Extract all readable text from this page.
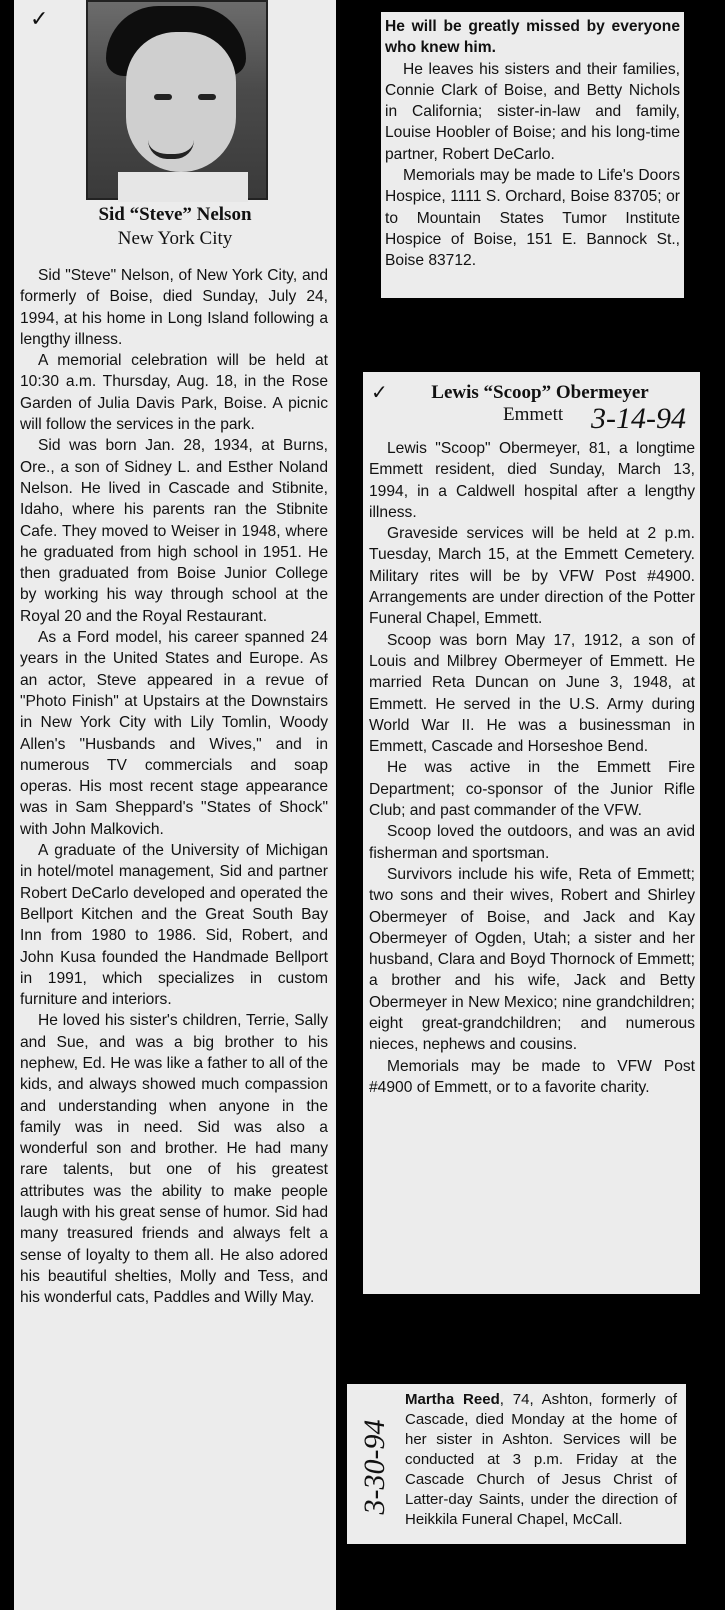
✓
Sid “Steve” Nelson
New York City

Sid "Steve" Nelson, of New York City, and formerly of Boise, died Sunday, July 24, 1994, at his home in Long Island following a lengthy illness.

A memorial celebration will be held at 10:30 a.m. Thursday, Aug. 18, in the Rose Garden of Julia Davis Park, Boise. A picnic will follow the services in the park.

Sid was born Jan. 28, 1934, at Burns, Ore., a son of Sidney L. and Esther Noland Nelson. He lived in Cascade and Stibnite, Idaho, where his parents ran the Stibnite Cafe. They moved to Weiser in 1948, where he graduated from high school in 1951. He then graduated from Boise Junior College by working his way through school at the Royal 20 and the Royal Restaurant.

As a Ford model, his career spanned 24 years in the United States and Europe. As an actor, Steve appeared in a revue of "Photo Finish" at Upstairs at the Downstairs in New York City with Lily Tomlin, Woody Allen's "Husbands and Wives," and in numerous TV commercials and soap operas. His most recent stage appearance was in Sam Sheppard's "States of Shock" with John Malkovich.

A graduate of the University of Michigan in hotel/motel management, Sid and partner Robert DeCarlo developed and operated the Bellport Kitchen and the Great South Bay Inn from 1980 to 1986. Sid, Robert, and John Kusa founded the Handmade Bellport in 1991, which specializes in custom furniture and interiors.

He loved his sister's children, Terrie, Sally and Sue, and was a big brother to his nephew, Ed. He was like a father to all of the kids, and always showed much compassion and understanding when anyone in the family was in need. Sid was also a wonderful son and brother. He had many rare talents, but one of his greatest attributes was the ability to make people laugh with his great sense of humor. Sid had many treasured friends and always felt a sense of loyalty to them all. He also adored his beautiful shelties, Molly and Tess, and his wonderful cats, Paddles and Willy May.

He will be greatly missed by everyone who knew him.

He leaves his sisters and their families, Connie Clark of Boise, and Betty Nichols in California; sister-in-law and family, Louise Hoobler of Boise; and his long-time partner, Robert DeCarlo.

Memorials may be made to Life's Doors Hospice, 1111 S. Orchard, Boise 83705; or to Mountain States Tumor Institute Hospice of Boise, 151 E. Bannock St., Boise 83712.

✓	Lewis “Scoop” Obermeyer
Emmett 3-14-94

Lewis "Scoop" Obermeyer, 81, a longtime Emmett resident, died Sunday, March 13, 1994, in a Caldwell hospital after a lengthy illness.

Graveside services will be held at 2 p.m. Tuesday, March 15, at the Emmett Cemetery. Military rites will be by VFW Post #4900. Arrangements are under direction of the Potter Funeral Chapel, Emmett.

Scoop was born May 17, 1912, a son of Louis and Milbrey Obermeyer of Emmett. He married Reta Duncan on June 3, 1948, at Emmett. He served in the U.S. Army during World War II. He was a businessman in Emmett, Cascade and Horseshoe Bend.

He was active in the Emmett Fire Department; co-sponsor of the Junior Rifle Club; and past commander of the VFW.

Scoop loved the outdoors, and was an avid fisherman and sportsman.

Survivors include his wife, Reta of Emmett; two sons and their wives, Robert and Shirley Obermeyer of Boise, and Jack and Kay Obermeyer of Ogden, Utah; a sister and her husband, Clara and Boyd Thornock of Emmett; a brother and his wife, Jack and Betty Obermeyer in New Mexico; nine grandchildren; eight great-grandchildren; and numerous nieces, nephews and cousins.

Memorials may be made to VFW Post #4900 of Emmett, or to a favorite charity.

3-30-94
Martha Reed, 74, Ashton, formerly of Cascade, died Monday at the home of her sister in Ashton. Services will be conducted at 3 p.m. Friday at the Cascade Church of Jesus Christ of Latter-day Saints, under the direction of Heikkila Funeral Chapel, McCall.
